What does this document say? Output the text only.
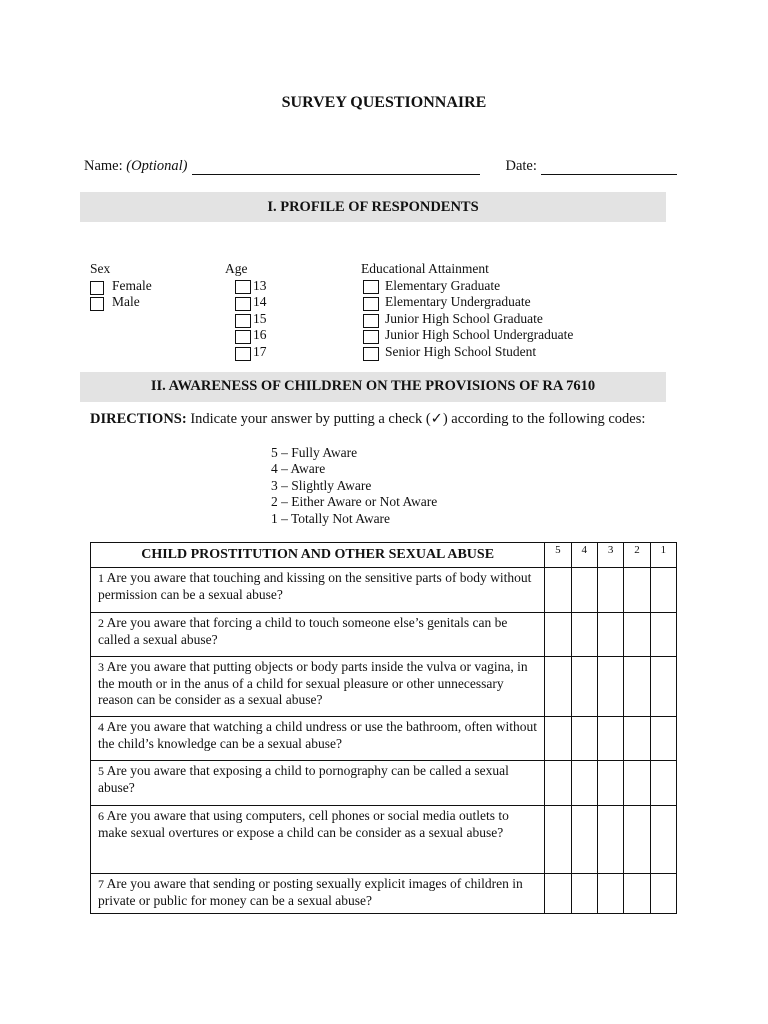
SURVEY QUESTIONNAIRE
Name:
(Optional)	Date:
I. PROFILE OF RESPONDENTS
Sex
Female
Male
Age
13
14
15
16
17
Educational Attainment
Elementary Graduate
Elementary Undergraduate
Junior High School Graduate
Junior High School Undergraduate
Senior High School Student
II. AWARENESS OF CHILDREN ON THE PROVISIONS OF RA 7610
DIRECTIONS: Indicate your answer by putting a check (✓) according to the following codes:
5 – Fully Aware
4 – Aware
3 – Slightly Aware
2 – Either Aware or Not Aware
1 – Totally Not Aware
CHILD PROSTITUTION AND OTHER SEXUAL ABUSE	5	4	3	2	1
1 Are you aware that touching and kissing on the sensitive parts of body without permission can be a sexual abuse?					
2 Are you aware that forcing a child to touch someone else’s genitals can be called a sexual abuse?					
3 Are you aware that putting objects or body parts inside the vulva or vagina, in the mouth or in the anus of a child for sexual pleasure or other unnecessary reason can be consider as a sexual abuse?					
4 Are you aware that watching a child undress or use the bathroom, often without the child’s knowledge can be a sexual abuse?					
5 Are you aware that exposing a child to pornography can be called a sexual abuse?					
6 Are you aware that using computers, cell phones or social media outlets to make sexual overtures or expose a child can be consider as a sexual abuse?					
7 Are you aware that sending or posting sexually explicit images of children in private or public for money can be a sexual abuse?					
